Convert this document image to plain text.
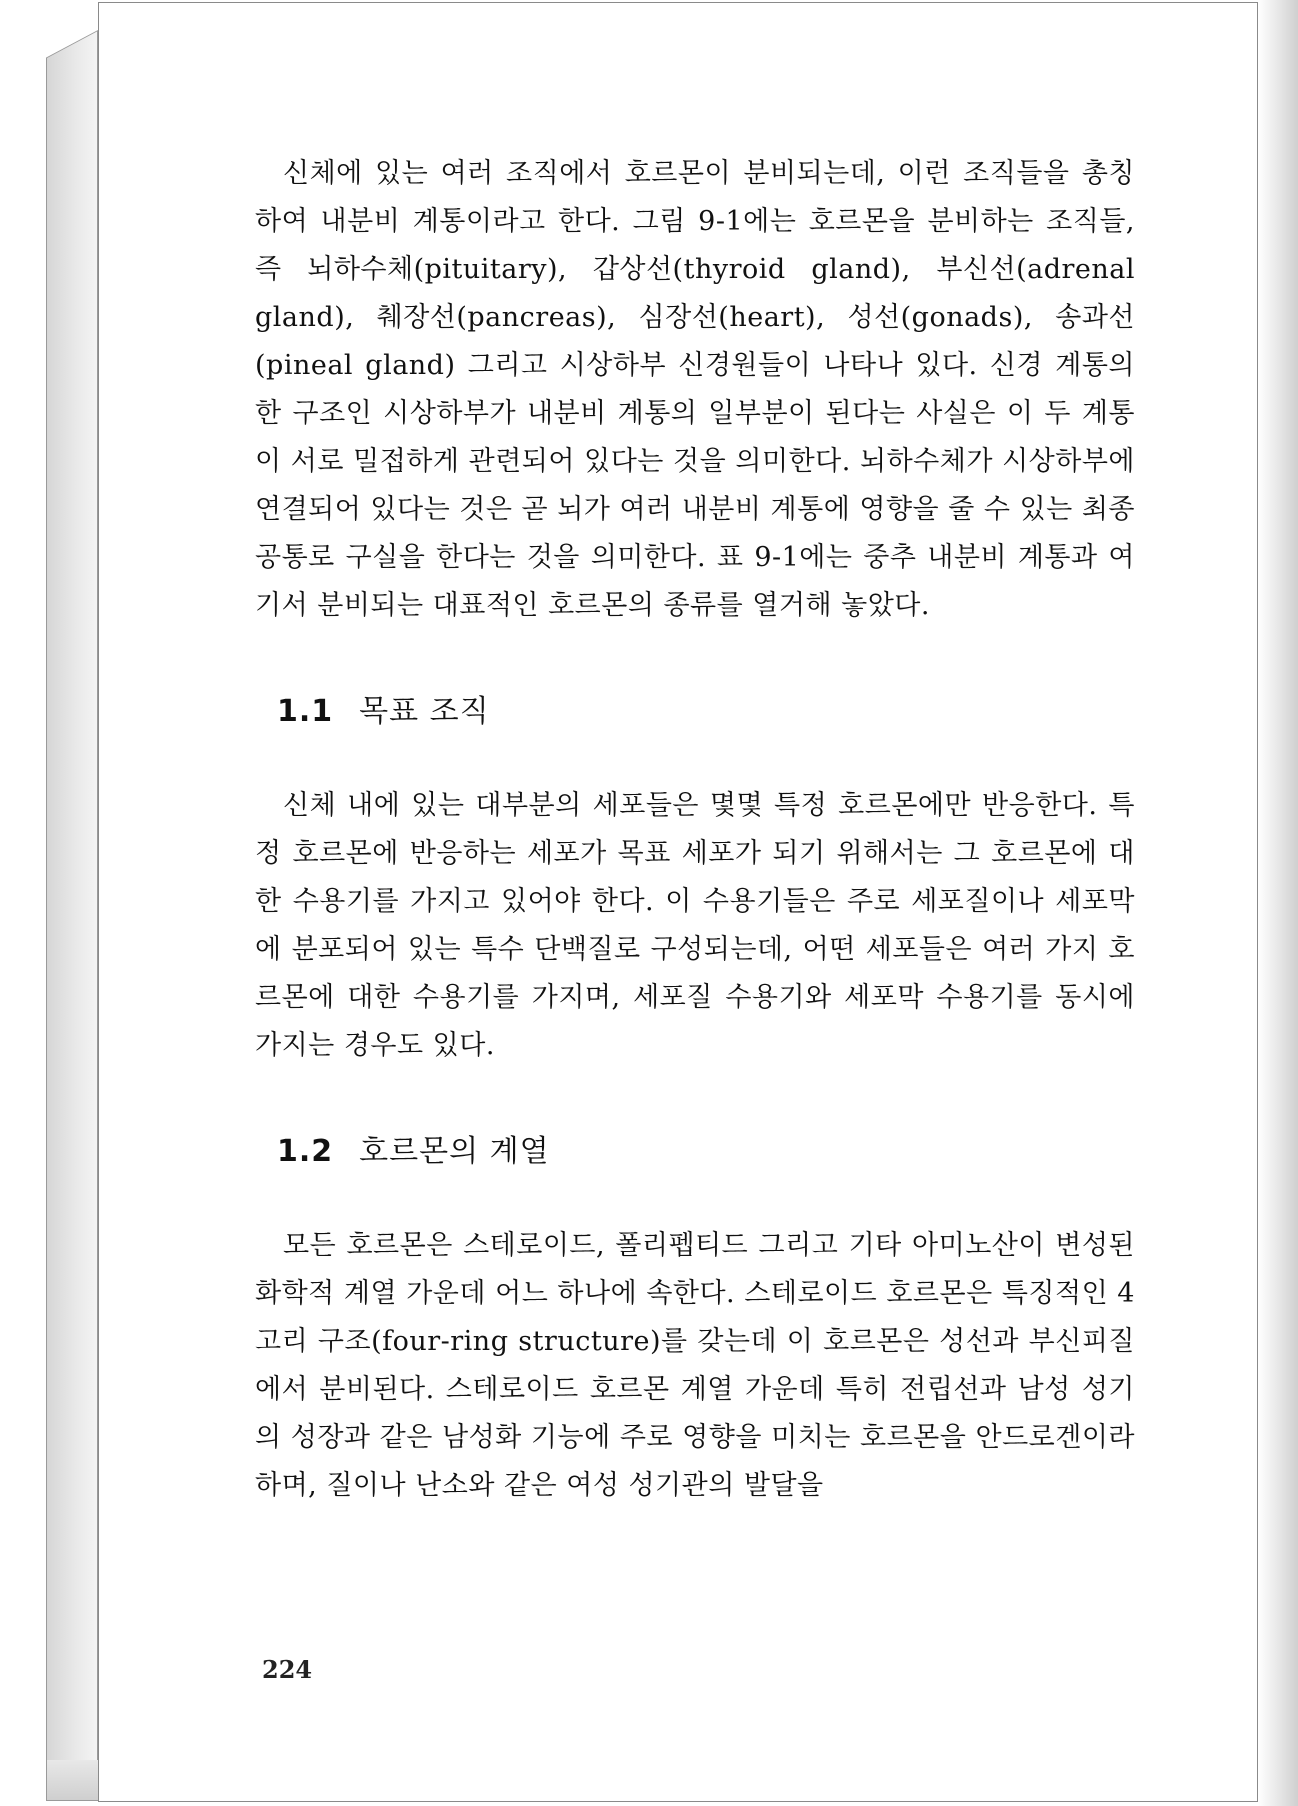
신체에 있는 여러 조직에서 호르몬이 분비되는데, 이런 조직들을 총칭하여 내분비 계통이라고 한다. 그림 9-1에는 호르몬을 분비하는 조직들, 즉 뇌하수체(pituitary), 갑상선(thyroid gland), 부신선(adrenal gland), 췌장선(pancreas), 심장선(heart), 성선(gonads), 송과선(pineal gland) 그리고 시상하부 신경원들이 나타나 있다. 신경 계통의 한 구조인 시상하부가 내분비 계통의 일부분이 된다는 사실은 이 두 계통이 서로 밀접하게 관련되어 있다는 것을 의미한다. 뇌하수체가 시상하부에 연결되어 있다는 것은 곧 뇌가 여러 내분비 계통에 영향을 줄 수 있는 최종 공통로 구실을 한다는 것을 의미한다. 표 9-1에는 중추 내분비 계통과 여기서 분비되는 대표적인 호르몬의 종류를 열거해 놓았다.

1.1 목표 조직

신체 내에 있는 대부분의 세포들은 몇몇 특정 호르몬에만 반응한다. 특정 호르몬에 반응하는 세포가 목표 세포가 되기 위해서는 그 호르몬에 대한 수용기를 가지고 있어야 한다. 이 수용기들은 주로 세포질이나 세포막에 분포되어 있는 특수 단백질로 구성되는데, 어떤 세포들은 여러 가지 호르몬에 대한 수용기를 가지며, 세포질 수용기와 세포막 수용기를 동시에 가지는 경우도 있다.

1.2 호르몬의 계열

모든 호르몬은 스테로이드, 폴리펩티드 그리고 기타 아미노산이 변성된 화학적 계열 가운데 어느 하나에 속한다. 스테로이드 호르몬은 특징적인 4고리 구조(four-ring structure)를 갖는데 이 호르몬은 성선과 부신피질에서 분비된다. 스테로이드 호르몬 계열 가운데 특히 전립선과 남성 성기의 성장과 같은 남성화 기능에 주로 영향을 미치는 호르몬을 안드로겐이라 하며, 질이나 난소와 같은 여성 성기관의 발달을

224
